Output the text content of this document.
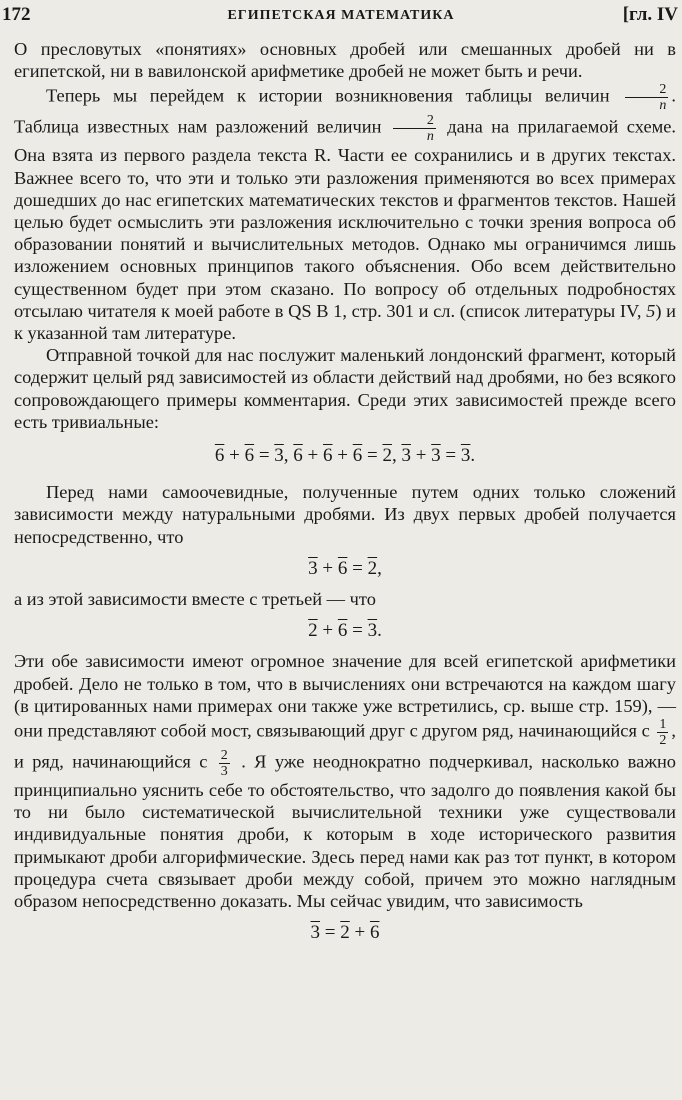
172	ЕГИПЕТСКАЯ МАТЕМАТИКА	[гл. IV

О пресловутых «понятиях» основных дробей или смешанных дробей ни в египетской, ни в вавилонской арифметике дробей не может быть и речи.

Теперь мы перейдем к истории возникновения таблицы величин $\frac{2}{n}$ . Таблица известных нам разложений величин $\frac{2}{n}$ дана на прилагаемой схеме. Она взята из первого раздела текста R. Части ее сохранились и в других текстах. Важнее всего то, что эти и только эти разложения применяются во всех примерах дошедших до нас египетских математических текстов и фрагментов текстов. Нашей целью будет осмыслить эти разложения исключительно с точки зрения вопроса об образовании понятий и вычислительных методов. Однако мы ограничимся лишь изложением основных принципов такого объяснения. Обо всем действительно существенном будет при этом сказано. По вопросу об отдельных подробностях отсылаю читателя к моей работе в QS B 1, стр. 301 и сл. (список литературы IV, 5) и к указанной там литературе.

Отправной точкой для нас послужит маленький лондонский фрагмент, который содержит целый ряд зависимостей из области действий над дробями, но без всякого сопровождающего примеры комментария. Среди этих зависимостей прежде всего есть тривиальные:

6 + 6 = 3, 6 + 6 + 6 = 2, 3 + 3 = 3.

Перед нами самоочевидные, полученные путем одних только сложений зависимости между натуральными дробями. Из двух первых дробей получается непосредственно, что

3 + 6 = 2,

а из этой зависимости вместе с третьей — что

2 + 6 = 3.

Эти обе зависимости имеют огромное значение для всей египетской арифметики дробей. Дело не только в том, что в вычислениях они встречаются на каждом шагу (в цитированных нами примерах они также уже встретились, ср. выше стр. 159), — они представляют собой мост, связывающий друг с другом ряд, начинающийся с $\frac{1}{2}$ , и ряд, начинающийся с $\frac{2}{3}$ . Я уже неоднократно подчеркивал, насколько важно принципиально уяснить себе то обстоятельство, что задолго до появления какой бы то ни было систематической вычислительной техники уже существовали индивидуальные понятия дроби, к которым в ходе исторического развития примыкают дроби алгорифмические. Здесь перед нами как раз тот пункт, в котором процедура счета связывает дроби между собой, причем это можно наглядным образом непосредственно доказать. Мы сейчас увидим, что зависимость

3 = 2 + 6
